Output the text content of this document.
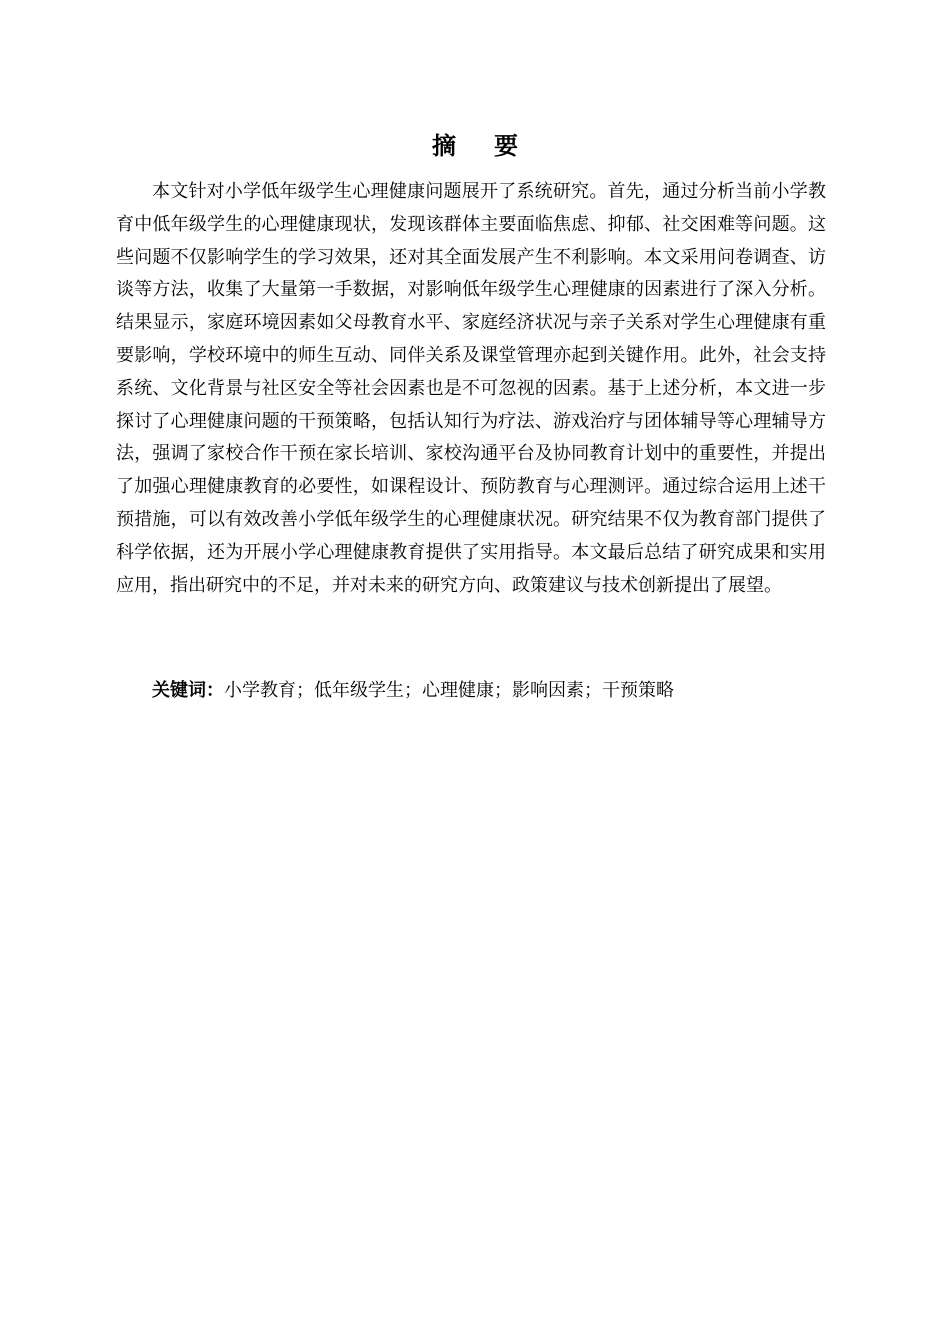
摘 要

本文针对小学低年级学生心理健康问题展开了系统研究。首先，通过分析当前小学教育中低年级学生的心理健康现状，发现该群体主要面临焦虑、抑郁、社交困难等问题。这些问题不仅影响学生的学习效果，还对其全面发展产生不利影响。本文采用问卷调查、访谈等方法，收集了大量第一手数据，对影响低年级学生心理健康的因素进行了深入分析。结果显示，家庭环境因素如父母教育水平、家庭经济状况与亲子关系对学生心理健康有重要影响，学校环境中的师生互动、同伴关系及课堂管理亦起到关键作用。此外，社会支持系统、文化背景与社区安全等社会因素也是不可忽视的因素。基于上述分析，本文进一步探讨了心理健康问题的干预策略，包括认知行为疗法、游戏治疗与团体辅导等心理辅导方法，强调了家校合作干预在家长培训、家校沟通平台及协同教育计划中的重要性，并提出了加强心理健康教育的必要性，如课程设计、预防教育与心理测评。通过综合运用上述干预措施，可以有效改善小学低年级学生的心理健康状况。研究结果不仅为教育部门提供了科学依据，还为开展小学心理健康教育提供了实用指导。本文最后总结了研究成果和实用应用，指出研究中的不足，并对未来的研究方向、政策建议与技术创新提出了展望。

关键词：小学教育；低年级学生；心理健康；影响因素；干预策略
